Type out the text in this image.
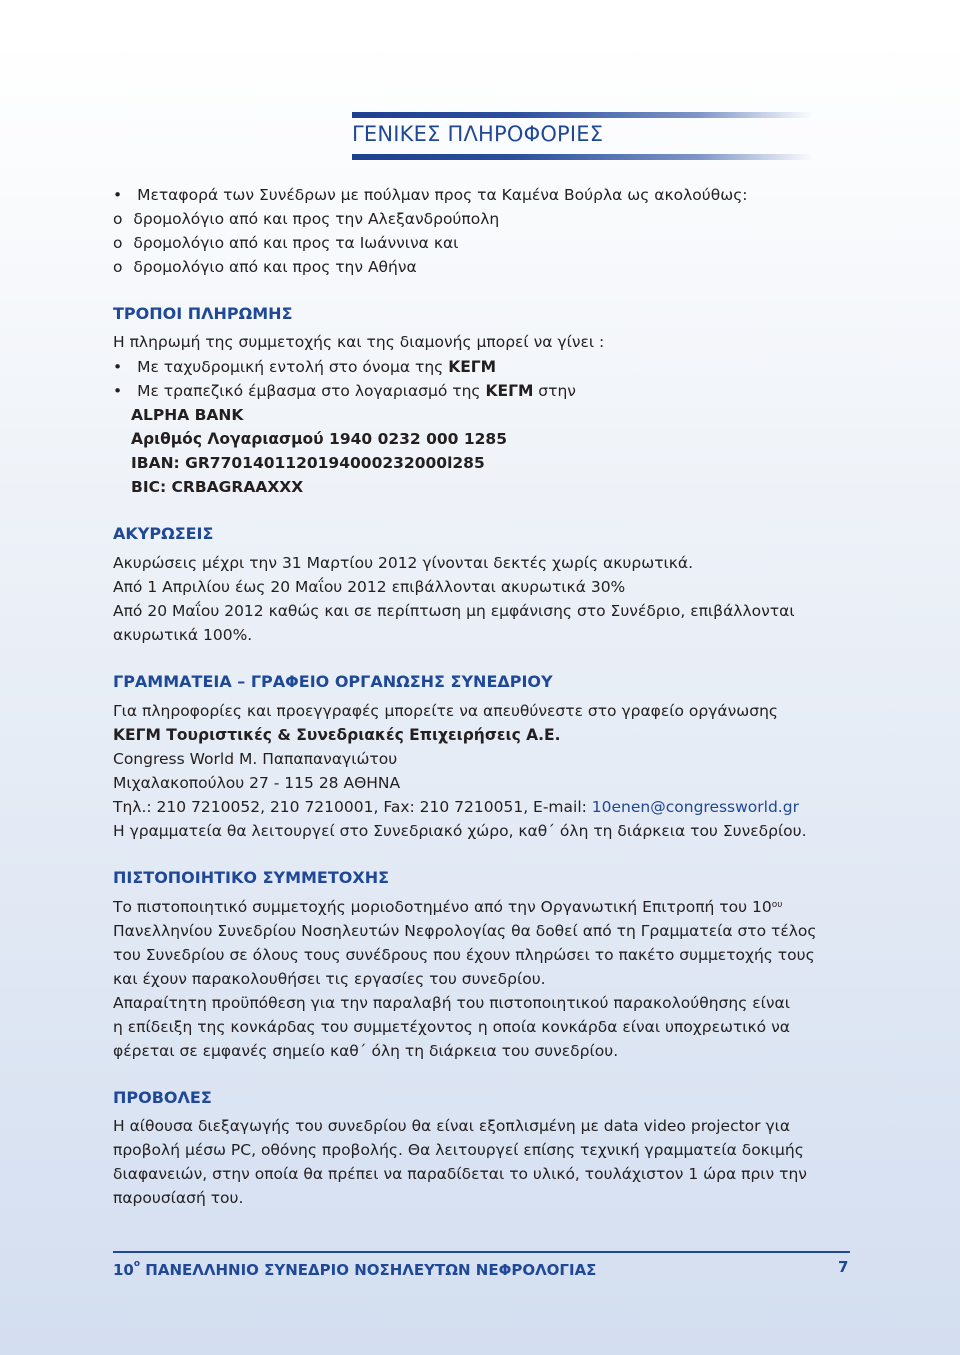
ΓΕΝΙΚΕΣ ΠΛΗΡΟΦΟΡΙΕΣ
• Μεταφορά των Συνέδρων με πούλμαν προς τα Καμένα Βούρλα ως ακολούθως:
o δρομολόγιο από και προς την Αλεξανδρούπολη
o δρομολόγιο από και προς τα Ιωάννινα και
o δρομολόγιο από και προς την Αθήνα
ΤΡΟΠΟΙ ΠΛΗΡΩΜΗΣ
Η πληρωμή της συμμετοχής και της διαμονής μπορεί να γίνει :
• Με ταχυδρομική εντολή στο όνομα της ΚΕΓΜ
• Με τραπεζικό έμβασμα στο λογαριασμό της ΚΕΓΜ στην
ALPHA BANK
Αριθμός Λογαριασμού 1940 0232 000 1285
IBAN: GR7701401120194000232000l285
BIC: CRBAGRAAXXX
ΑΚΥΡΩΣΕΙΣ
Ακυρώσεις μέχρι την 31 Μαρτίου 2012 γίνονται δεκτές χωρίς ακυρωτικά.
Από 1 Απριλίου έως 20 Μαΐου 2012 επιβάλλονται ακυρωτικά 30%
Από 20 Μαΐου 2012 καθώς και σε περίπτωση μη εμφάνισης στο Συνέδριο, επιβάλλονται
ακυρωτικά 100%.
ΓΡΑΜΜΑΤΕΙΑ – ΓΡΑΦΕΙΟ ΟΡΓΑΝΩΣΗΣ ΣΥΝΕΔΡΙΟΥ
Για πληροφορίες και προεγγραφές μπορείτε να απευθύνεστε στο γραφείο οργάνωσης
ΚΕΓΜ Τουριστικές & Συνεδριακές Επιχειρήσεις Α.Ε.
Congress World Μ. Παπαπαναγιώτου
Μιχαλακοπούλου 27 - 115 28 ΑΘΗΝΑ
Τηλ.: 210 7210052, 210 7210001, Fax: 210 7210051, E-mail: 10enen@congressworld.gr
Η γραμματεία θα λειτουργεί στο Συνεδριακό χώρο, καθ΄ όλη τη διάρκεια του Συνεδρίου.
ΠΙΣΤΟΠΟΙΗΤΙΚΟ ΣΥΜΜΕΤΟΧΗΣ
Το πιστοποιητικό συμμετοχής μοριοδοτημένο από την Οργανωτική Επιτροπή του $10^{o\upsilon}$
Πανελληνίου Συνεδρίου Νοσηλευτών Νεφρολογίας θα δοθεί από τη Γραμματεία στο τέλος
του Συνεδρίου σε όλους τους συνέδρους που έχουν πληρώσει το πακέτο συμμετοχής τους
και έχουν παρακολουθήσει τις εργασίες του συνεδρίου.
Απαραίτητη προϋπόθεση για την παραλαβή του πιστοποιητικού παρακολούθησης είναι
η επίδειξη της κονκάρδας του συμμετέχοντος η οποία κονκάρδα είναι υποχρεωτικό να
φέρεται σε εμφανές σημείο καθ΄ όλη τη διάρκεια του συνεδρίου.
ΠΡΟΒΟΛΕΣ
Η αίθουσα διεξαγωγής του συνεδρίου θα είναι εξοπλισμένη με data video projector για
προβολή μέσω PC, οθόνης προβολής. Θα λειτουργεί επίσης τεχνική γραμματεία δοκιμής
διαφανειών, στην οποία θα πρέπει να παραδίδεται το υλικό, τουλάχιστον 1 ώρα πριν την
παρουσίασή του.
$10^o$ ΠΑΝΕΛΛΗΝΙΟ ΣΥΝΕΔΡΙΟ ΝΟΣΗΛΕΥΤΩΝ ΝΕΦΡΟΛΟΓΙΑΣ	7
